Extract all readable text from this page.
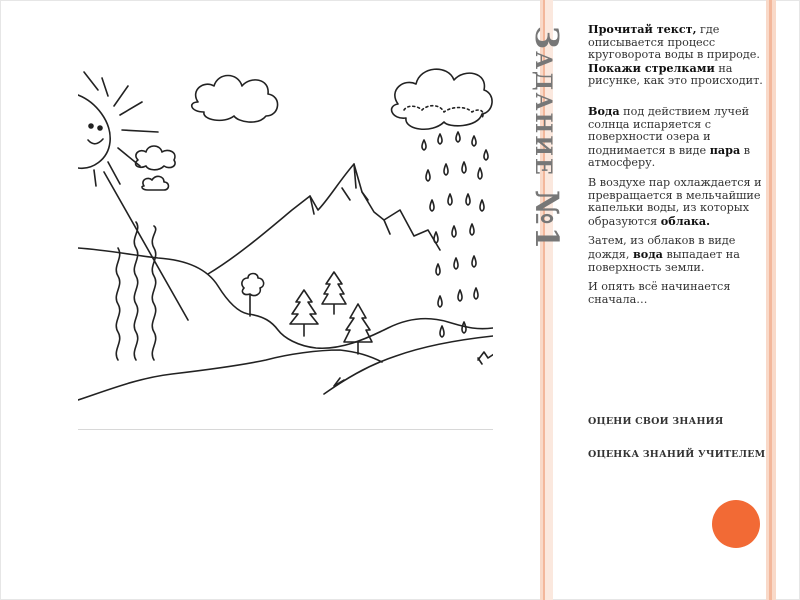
Задание №1 Прочитай текст, где описывается процесс круговорота воды в природе. Покажи стрелками на рисунке, как это происходит.

Вода под действием лучей солнца испаряется с поверхности озера и поднимается в виде пара в атмосферу.

В воздухе пар охлаждается и превращается в мельчайшие капельки воды, из которых образуются облака.

Затем, из облаков в виде дождя, вода выпадает на поверхность земли.

И опять всё начинается сначала…

ОЦЕНИ СВОИ ЗНАНИЯ
ОЦЕНКА ЗНАНИЙ УЧИТЕЛЕМ
